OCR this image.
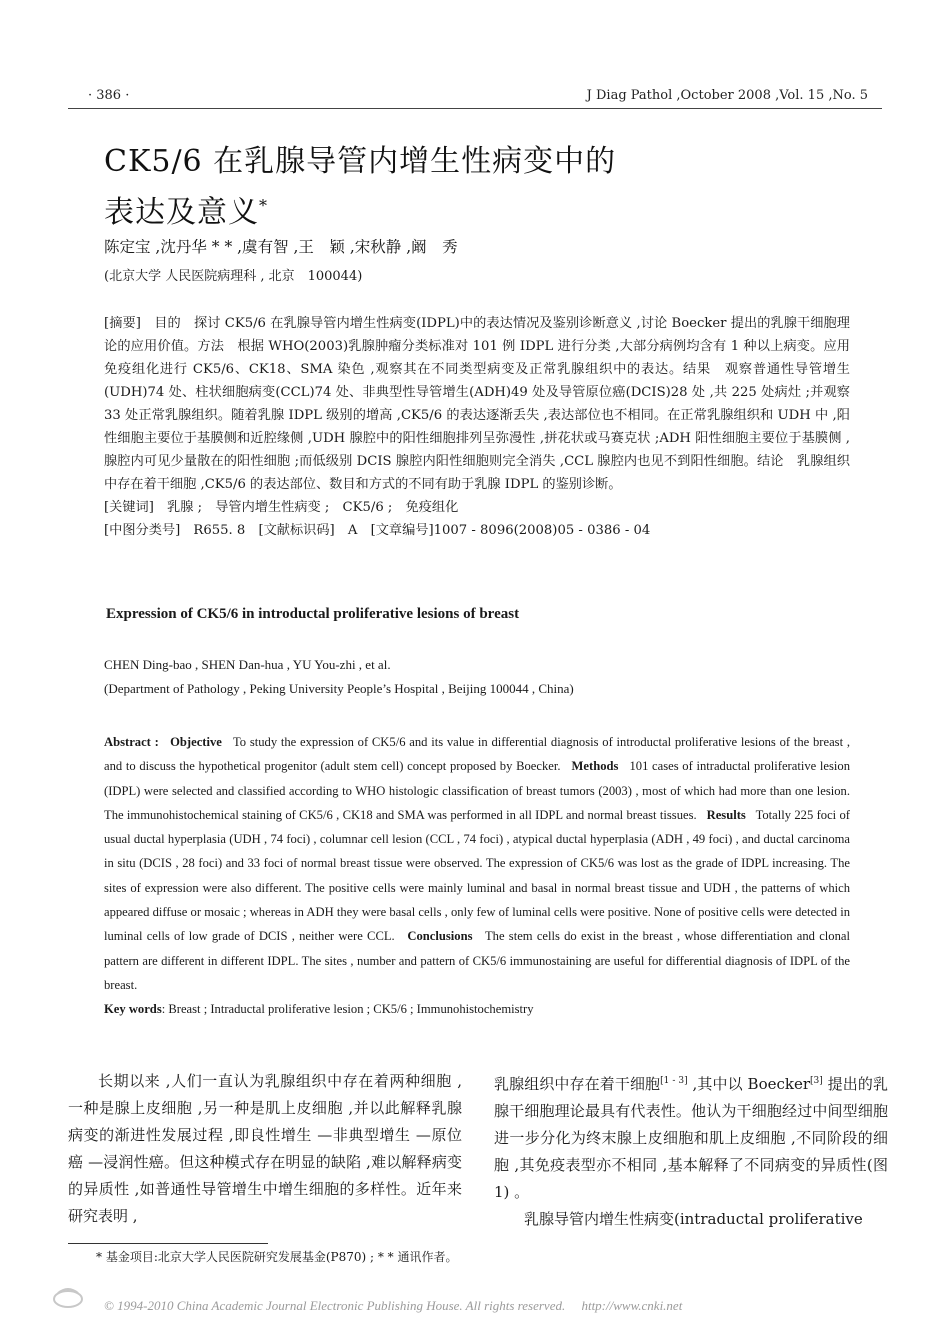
· 386 ·	J Diag Pathol ,October 2008 ,Vol. 15 ,No. 5
CK5/6 在乳腺导管内增生性病变中的
表达及意义*
陈定宝 ,沈丹华 * * ,虞有智 ,王　颖 ,宋秋静 ,阚　秀
(北京大学 人民医院病理科 , 北京　100044)

[摘要]　目的　探讨 CK5/6 在乳腺导管内增生性病变(IDPL)中的表达情况及鉴别诊断意义 ,讨论 Boecker 提出的乳腺干细胞理论的应用价值。方法　根据 WHO(2003)乳腺肿瘤分类标准对 101 例 IDPL 进行分类 ,大部分病例均含有 1 种以上病变。应用免疫组化进行 CK5/6、CK18、SMA 染色 ,观察其在不同类型病变及正常乳腺组织中的表达。结果　观察普通性导管增生(UDH)74 处、柱状细胞病变(CCL)74 处、非典型性导管增生(ADH)49 处及导管原位癌(DCIS)28 处 ,共 225 处病灶 ;并观察 33 处正常乳腺组织。随着乳腺 IDPL 级别的增高 ,CK5/6 的表达逐渐丢失 ,表达部位也不相同。在正常乳腺组织和 UDH 中 ,阳性细胞主要位于基膜侧和近腔缘侧 ,UDH 腺腔中的阳性细胞排列呈弥漫性 ,拼花状或马赛克状 ;ADH 阳性细胞主要位于基膜侧 ,腺腔内可见少量散在的阳性细胞 ;而低级别 DCIS 腺腔内阳性细胞则完全消失 ,CCL 腺腔内也见不到阳性细胞。结论　乳腺组织中存在着干细胞 ,CK5/6 的表达部位、数目和方式的不同有助于乳腺 IDPL 的鉴别诊断。

[关键词]　乳腺 ;　导管内增生性病变 ;　CK5/6 ;　免疫组化

[中图分类号]　R655. 8　[文献标识码]　A　[文章编号]1007 - 8096(2008)05 - 0386 - 04

Expression of CK5/6 in introductal proliferative lesions of breast
CHEN Ding-bao , SHEN Dan-hua , YU You-zhi , et al.
(Department of Pathology , Peking University People’s Hospital , Beijing 100044 , China)

Abstract : Objective To study the expression of CK5/6 and its value in differential diagnosis of introductal proliferative lesions of the breast , and to discuss the hypothetical progenitor (adult stem cell) concept proposed by Boecker. Methods 101 cases of intraductal proliferative lesion (IDPL) were selected and classified according to WHO histologic classification of breast tumors (2003) , most of which had more than one lesion. The immunohistochemical staining of CK5/6 , CK18 and SMA was performed in all IDPL and normal breast tissues. Results Totally 225 foci of usual ductal hyperplasia (UDH , 74 foci) , columnar cell lesion (CCL , 74 foci) , atypical ductal hyperplasia (ADH , 49 foci) , and ductal carcinoma in situ (DCIS , 28 foci) and 33 foci of normal breast tissue were observed. The expression of CK5/6 was lost as the grade of IDPL increasing. The sites of expression were also different. The positive cells were mainly luminal and basal in normal breast tissue and UDH , the patterns of which appeared diffuse or mosaic ; whereas in ADH they were basal cells , only few of luminal cells were positive. None of positive cells were detected in luminal cells of low grade of DCIS , neither were CCL. Conclusions The stem cells do exist in the breast , whose differentiation and clonal pattern are different in different IDPL. The sites , number and pattern of CK5/6 immunostaining are useful for differential diagnosis of IDPL of the breast.

Key words: Breast ; Intraductal proliferative lesion ; CK5/6 ; Immunohistochemistry

长期以来 ,人们一直认为乳腺组织中存在着两种细胞 ,一种是腺上皮细胞 ,另一种是肌上皮细胞 ,并以此解释乳腺病变的渐进性发展过程 ,即良性增生 —非典型增生 —原位癌 —浸润性癌。但这种模式存在明显的缺陷 ,难以解释病变的异质性 ,如普通性导管增生中增生细胞的多样性。近年来研究表明 ,

乳腺组织中存在着干细胞[1 - 3] ,其中以 Boecker[3] 提出的乳腺干细胞理论最具有代表性。他认为干细胞经过中间型细胞进一步分化为终末腺上皮细胞和肌上皮细胞 ,不同阶段的细胞 ,其免疫表型亦不相同 ,基本解释了不同病变的异质性(图 1) 。

乳腺导管内增生性病变(intraductal proliferative

* 基金项目:北京大学人民医院研究发展基金(P870) ; * * 通讯作者。
© 1994-2010 China Academic Journal Electronic Publishing House. All rights reserved.　 http://www.cnki.net
